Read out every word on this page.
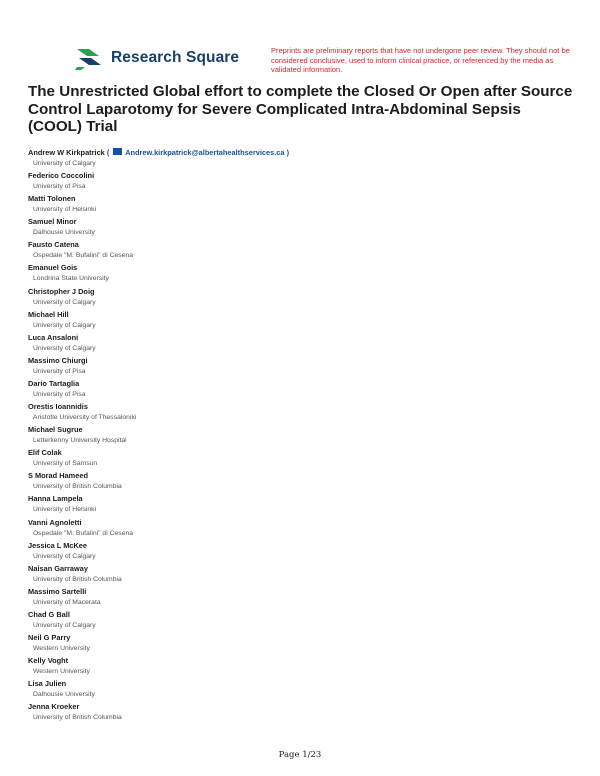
Research Square	Preprints are preliminary reports that have not undergone peer review. They should not be considered conclusive, used to inform clinical practice, or referenced by the media as validated information.
The Unrestricted Global effort to complete the Closed Or Open after Source Control Laparotomy for Severe Complicated Intra-Abdominal Sepsis (COOL) Trial
Andrew W Kirkpatrick ( Andrew.kirkpatrick@albertahealthservices.ca )
University of Calgary
Federico Coccolini
University of Pisa
Matti Tolonen
University of Helsinki
Samuel Minor
Dalhousie University
Fausto Catena
Ospedale "M. Bufalini" di Cesena
Emanuel Gois
Londrina State University
Christopher J Doig
University of Calgary
Michael Hill
University of Calgary
Luca Ansaloni
University of Calgary
Massimo Chiurgi
University of Pisa
Dario Tartaglia
University of Pisa
Orestis Ioannidis
Aristotle University of Thessaloniki
Michael Sugrue
Letterkenny University Hospital
Elif Colak
University of Samsun
S Morad Hameed
University of British Columbia
Hanna Lampela
University of Helsinki
Vanni Agnoletti
Ospedale "M. Bufalini" di Cesena
Jessica L McKee
University of Calgary
Naisan Garraway
University of British Columbia
Massimo Sartelli
University of Macerata
Chad G Ball
University of Calgary
Neil G Parry
Western University
Kelly Voght
Western University
Lisa Julien
Dalhousie University
Jenna Kroeker
University of British Columbia
Page 1/23
